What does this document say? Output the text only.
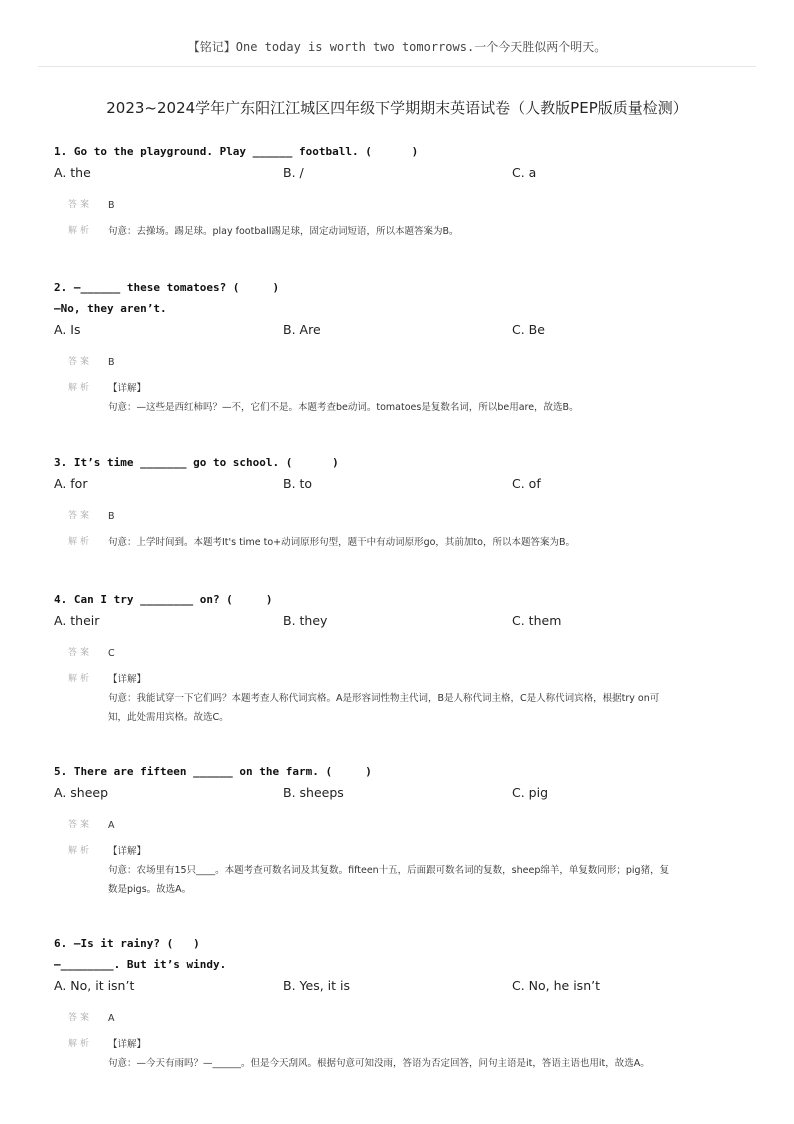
【铭记】One today is worth two tomorrows.一个今天胜似两个明天。
2023~2024学年广东阳江江城区四年级下学期期末英语试卷（人教版PEP版质量检测）
1. Go to the playground. Play ______ football. (      )
A. the	B. /	C. a
答案 B
解析 句意：去操场。踢足球。play football踢足球，固定动词短语，所以本题答案为B。
2. —______ these tomatoes? (     )
—No, they aren’t.
A. Is	B. Are	C. Be
答案 B
解析 【详解】
句意：—这些是西红柿吗？—不，它们不是。本题考查be动词。tomatoes是复数名词，所以be用are，故选B。
3. It’s time _______ go to school. (      )
A. for	B. to	C. of
答案 B
解析 句意：上学时间到。本题考It's time to+动词原形句型，题干中有动词原形go，其前加to，所以本题答案为B。
4. Can I try ________ on? (     )
A. their	B. they	C. them
答案 C
解析 【详解】
句意：我能试穿一下它们吗？本题考查人称代词宾格。A是形容词性物主代词，B是人称代词主格，C是人称代词宾格，根据try on可
知，此处需用宾格。故选C。
5. There are fifteen ______ on the farm. (     )
A. sheep	B. sheeps	C. pig
答案 A
解析 【详解】
句意：农场里有15只____。本题考查可数名词及其复数。fifteen十五，后面跟可数名词的复数，sheep绵羊，单复数同形；pig猪，复
数是pigs。故选A。
6. —Is it rainy? (   )
—________. But it’s windy.
A. No, it isn’t	B. Yes, it is	C. No, he isn’t
答案 A
解析 【详解】
句意：—今天有雨吗？—______。但是今天刮风。根据句意可知没雨，答语为否定回答，问句主语是it，答语主语也用it，故选A。
